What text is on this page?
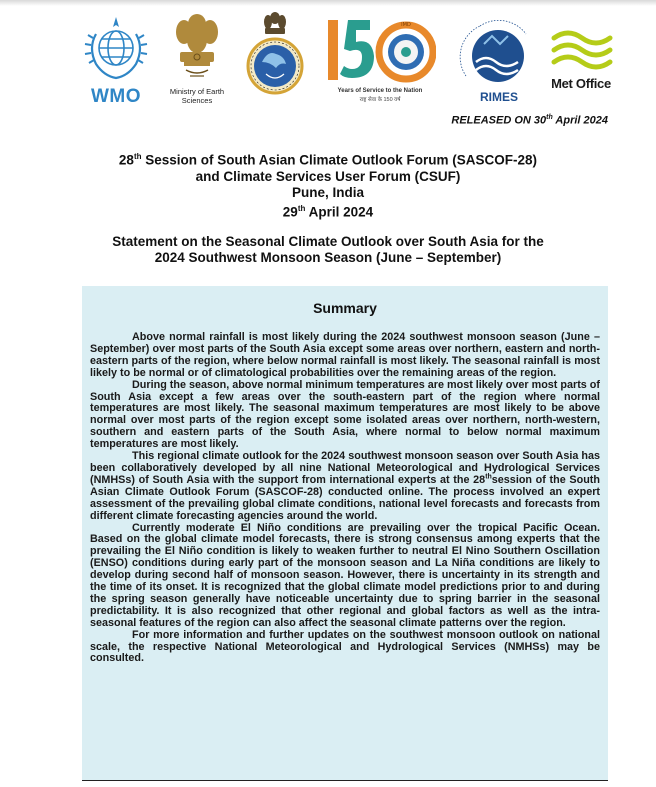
WMO	Ministry of Earth Sciences
IMD
Years of Service to the Nation
राष्ट्र सेवा के 150 वर्ष	RIMES
Met Office
RELEASED ON 30th April 2024
28th Session of South Asian Climate Outlook Forum (SASCOF-28)
and Climate Services User Forum (CSUF)
Pune, India
29th April 2024
Statement on the Seasonal Climate Outlook over South Asia for the
2024 Southwest Monsoon Season (June – September)
Summary

Above normal rainfall is most likely during the 2024 southwest monsoon season (June – September) over most parts of the South Asia except some areas over northern, eastern and north-eastern parts of the region, where below normal rainfall is most likely. The seasonal rainfall is most likely to be normal or of climatological probabilities over the remaining areas of the region.

During the season, above normal minimum temperatures are most likely over most parts of South Asia except a few areas over the south-eastern part of the region where normal temperatures are most likely. The seasonal maximum temperatures are most likely to be above normal over most parts of the region except some isolated areas over northern, north-western, southern and eastern parts of the South Asia, where normal to below normal maximum temperatures are most likely.

This regional climate outlook for the 2024 southwest monsoon season over South Asia has been collaboratively developed by all nine National Meteorological and Hydrological Services (NMHSs) of South Asia with the support from international experts at the 28thsession of the South Asian Climate Outlook Forum (SASCOF-28) conducted online. The process involved an expert assessment of the prevailing global climate conditions, national level forecasts and forecasts from different climate forecasting agencies around the world.

Currently moderate El Niño conditions are prevailing over the tropical Pacific Ocean. Based on the global climate model forecasts, there is strong consensus among experts that the prevailing the El Niño condition is likely to weaken further to neutral El Nino Southern Oscillation (ENSO) conditions during early part of the monsoon season and La Niña conditions are likely to develop during second half of monsoon season. However, there is uncertainty in its strength and the time of its onset. It is recognized that the global climate model predictions prior to and during the spring season generally have noticeable uncertainty due to spring barrier in the seasonal predictability. It is also recognized that other regional and global factors as well as the intra-seasonal features of the region can also affect the seasonal climate patterns over the region.

For more information and further updates on the southwest monsoon outlook on national scale, the respective National Meteorological and Hydrological Services (NMHSs) may be consulted.
